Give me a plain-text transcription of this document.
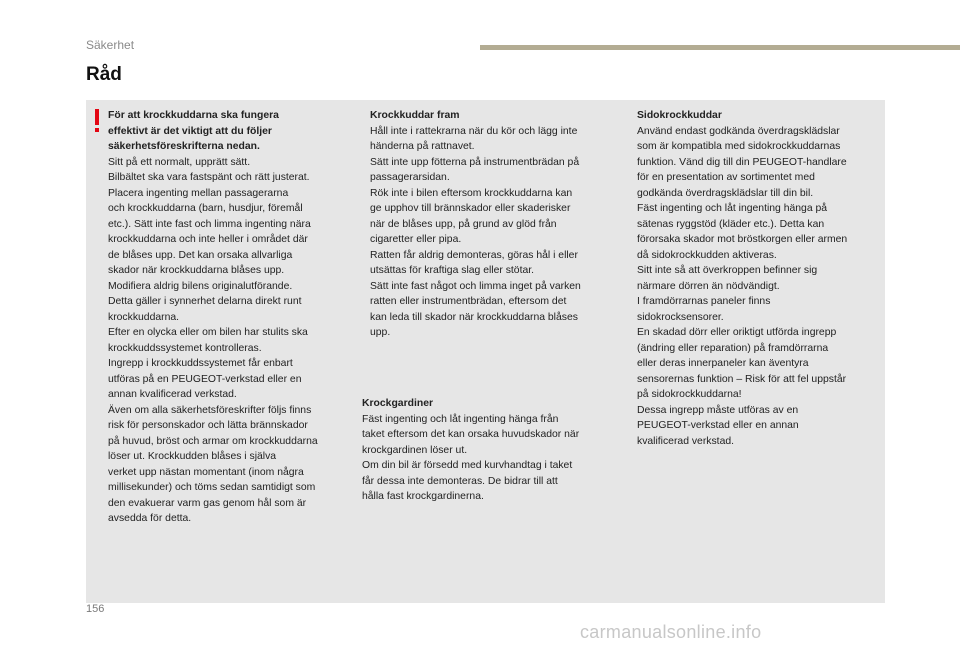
Säkerhet
Råd

För att krockkuddarna ska fungera

effektivt är det viktigt att du följer

säkerhetsföreskrifterna nedan.

Sitt på ett normalt, upprätt sätt.

Bilbältet ska vara fastspänt och rätt justerat.

Placera ingenting mellan passagerarna

och krockkuddarna (barn, husdjur, föremål

etc.). Sätt inte fast och limma ingenting nära

krockkuddarna och inte heller i området där

de blåses upp. Det kan orsaka allvarliga

skador när krockkuddarna blåses upp.

Modifiera aldrig bilens originalutförande.

Detta gäller i synnerhet delarna direkt runt

krockkuddarna.

Efter en olycka eller om bilen har stulits ska

krockkuddssystemet kontrolleras.

Ingrepp i krockkuddssystemet får enbart

utföras på en PEUGEOT-verkstad eller en

annan kvalificerad verkstad.

Även om alla säkerhetsföreskrifter följs finns

risk för personskador och lätta brännskador

på huvud, bröst och armar om krockkuddarna

löser ut. Krockkudden blåses i själva

verket upp nästan momentant (inom några

millisekunder) och töms sedan samtidigt som

den evakuerar varm gas genom hål som är

avsedda för detta.

Krockkuddar fram

Håll inte i rattekrarna när du kör och lägg inte

händerna på rattnavet.

Sätt inte upp fötterna på instrumentbrädan på

passagerarsidan.

Rök inte i bilen eftersom krockkuddarna kan

ge upphov till brännskador eller skaderisker

när de blåses upp, på grund av glöd från

cigaretter eller pipa.

Ratten får aldrig demonteras, göras hål i eller

utsättas för kraftiga slag eller stötar.

Sätt inte fast något och limma inget på varken

ratten eller instrumentbrädan, eftersom det

kan leda till skador när krockkuddarna blåses

upp.

Krockgardiner

Fäst ingenting och låt ingenting hänga från

taket eftersom det kan orsaka huvudskador när

krockgardinen löser ut.

Om din bil är försedd med kurvhandtag i taket

får dessa inte demonteras. De bidrar till att

hålla fast krockgardinerna.

Sidokrockkuddar

Använd endast godkända överdragsklädslar

som är kompatibla med sidokrockkuddarnas

funktion. Vänd dig till din PEUGEOT-handlare

för en presentation av sortimentet med

godkända överdragsklädslar till din bil.

Fäst ingenting och låt ingenting hänga på

sätenas ryggstöd (kläder etc.). Detta kan

förorsaka skador mot bröstkorgen eller armen

då sidokrockkudden aktiveras.

Sitt inte så att överkroppen befinner sig

närmare dörren än nödvändigt.

I framdörrarnas paneler finns

sidokrocksensorer.

En skadad dörr eller oriktigt utförda ingrepp

(ändring eller reparation) på framdörrarna

eller deras innerpaneler kan äventyra

sensorernas funktion – Risk för att fel uppstår

på sidokrockkuddarna!

Dessa ingrepp måste utföras av en

PEUGEOT-verkstad eller en annan

kvalificerad verkstad.

156
carmanualsonline.info
